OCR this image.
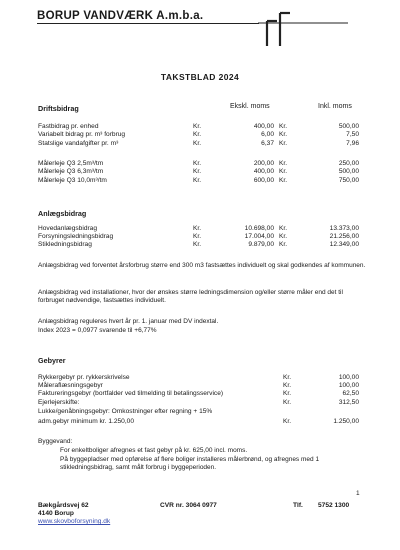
BORUP VANDVÆRK A.m.b.a.
TAKSTBLAD 2024
Driftsbidrag	Ekskl. moms	Inkl. moms
Fastbidrag pr. enhed	Kr.	400,00 Kr.	500,00
Variabelt bidrag pr. m³ forbrug	Kr.	6,00 Kr.	7,50
Statslige vandafgifter pr. m³	Kr.	6,37 Kr.	7,96
Målerleje Q3 2,5m³/tm	Kr.	200,00 Kr.	250,00
Målerleje Q3 6,3m³/tm	Kr.	400,00 Kr.	500,00
Målerleje Q3 10,0m³/tm	Kr.	600,00 Kr.	750,00
Anlægsbidrag
Hovedanlægsbidrag	Kr.	10.698,00 Kr.	13.373,00
Forsyningsledningsbidrag	Kr.	17.004,00 Kr.	21.256,00
Stikledningsbidrag	Kr.	9.879,00 Kr.	12.349,00
Anlægsbidrag ved forventet årsforbrug større end 300 m3 fastsættes individuelt og skal godkendes af kommunen.
Anlægsbidrag ved installationer, hvor der ønskes større ledningsdimension og/eller større måler end det til forbruget nødvendige, fastsættes individuelt.
Anlægsbidrag reguleres hvert år pr. 1. januar med DV indextal.
Index 2023 = 0,0977 svarende til +6,77%
Gebyrer
Rykkergebyr pr. rykkerskrivelse	Kr.	100,00
Måleraflæsningsgebyr	Kr.	100,00
Faktureringsgebyr (bortfalder ved tilmelding til betalingsservice)	Kr.	62,50
Ejerlejerskifte:	Kr.	312,50
Lukke/genåbningsgebyr: Omkostninger efter regning + 15%
adm.gebyr minimum kr. 1.250,00	Kr.	1.250,00
Byggevand:
For enkeltboliger afregnes et fast gebyr på kr. 625,00 incl. moms.
På byggepladser med opførelse af flere boliger installeres målerbrønd, og afregnes med 1 stikledningsbidrag, samt målt forbrug i byggeperioden.
1
Bækgårdsvej 62
4140 Borup
www.skovboforsyning.dk
CVR nr. 3064 0977	Tlf. 5752 1300
